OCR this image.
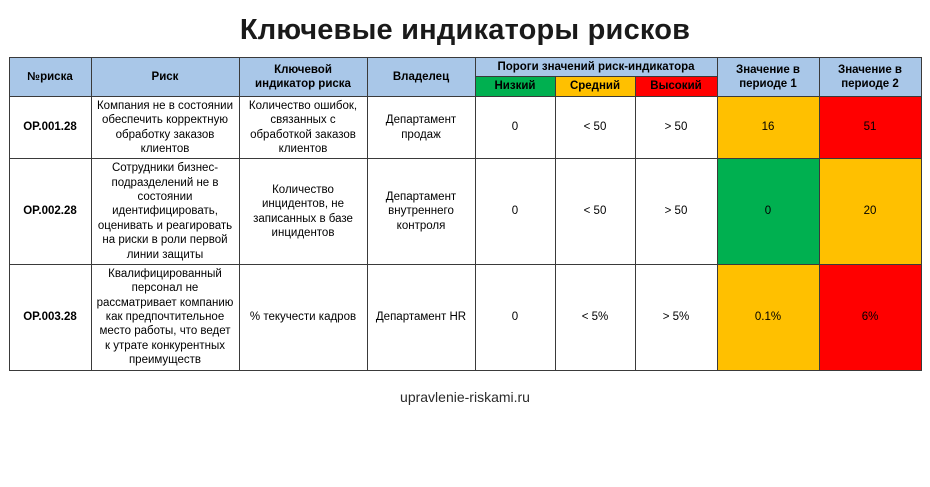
Ключевые индикаторы рисков
№риска	Риск	Ключевой индикатор риска	Владелец	Пороги значений риск-индикатора			Значение в периоде 1	Значение в периоде 2
				Низкий	Средний	Высокий		
OP.001.28	Компания не в состоянии обеспечить корректную обработку заказов клиентов	Количество ошибок, связанных с обработкой заказов клиентов	Департамент продаж	0	< 50	> 50	16	51
OP.002.28	Сотрудники бизнес-подразделений не в состоянии идентифицировать, оценивать и реагировать на риски в роли первой линии защиты	Количество инцидентов, не записанных в базе инцидентов	Департамент внутреннего контроля	0	< 50	> 50	0	20
OP.003.28	Квалифицированный персонал не рассматривает компанию как предпочтительное место работы, что ведет к утрате конкурентных преимуществ	% текучести кадров	Департамент HR	0	< 5%	> 5%	0.1%	6%
upravlenie-riskami.ru
